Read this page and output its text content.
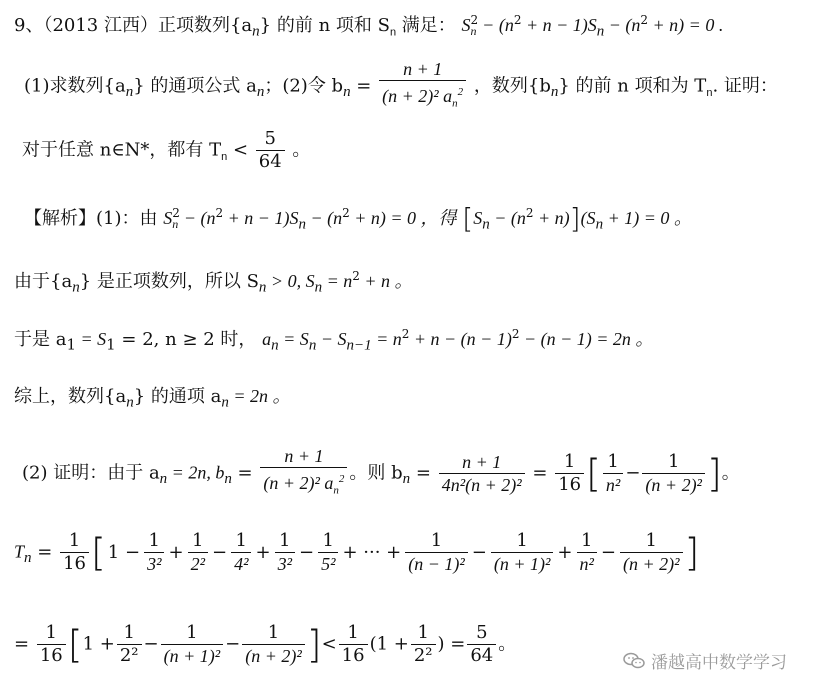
9、（2013 江西）正项数列$\{a_n\}$ 的前 n 项和 $S_n$ 满足： S 2
$n - (n^2 + n - 1)S_n - (n^2 + n) = 0$ .
(1)求数列$\{a_n\}$ 的通项公式 $a_n$；(2)令 $b_n = \frac{n + 1}{(n + 2)^2 a_n^2}$ ，数列$\{b_n\}$ 的前 n 项和为 $T_n$. 证明：
对于任意 n∈N*，都有 $T_n < \frac{5}{64}$ 。
【解析】(1)：由 S 2
$n - (n^2 + n - 1)S_n - (n^2 + n) = 0$ ，得 $[S_n - (n^2 + n)](S_n + 1) = 0$ 。
由于$\{a_n\}$ 是正项数列，所以 $S_n > 0$, $S_n = n^2 + n$ 。
于是 $a_1 = S_1 = 2$, n ≥ 2 时， $a_n = S_n - S_{n-1} = n^2 + n - (n - 1)^2 - (n - 1) = 2n$ 。
综上，数列$\{a_n\}$ 的通项 $a_n = 2n$ 。
(2) 证明：由于 $a_n = 2n$, $b_n = \frac{n + 1}{(n + 2)^2 a_n^2}$ 。则 $b_n = \frac{n + 1}{\text{4n²(n + 2)²}} = \frac{1}{16}$ [ $\frac{1}{\text{n²}} - \frac{1}{\text{(n + 2)²}}$ ]。
$T_n = \frac{1}{16}$ [ $1 - \frac{1}{\text{3²}} + \frac{1}{\text{2²}} - \frac{1}{\text{4²}} + \frac{1}{\text{3²}} - \frac{1}{\text{5²}}$ + ··· + $\frac{1}{\text{(n − 1)²}} - \frac{1}{\text{(n + 1)²}} + \frac{1}{\text{n²}} - \frac{1}{\text{(n + 2)²}}$ ]
= $\frac{1}{16} [1 + \frac{1}{\text{2²}} - \frac{1}{\text{(n + 1)²}} - \frac{1}{\text{(n + 2)²}}$ ]< $\frac{1}{16} (1 + \frac{1}{\text{2²}}$ ) = $\frac{5}{64}$ 。
潘越高中数学学习
